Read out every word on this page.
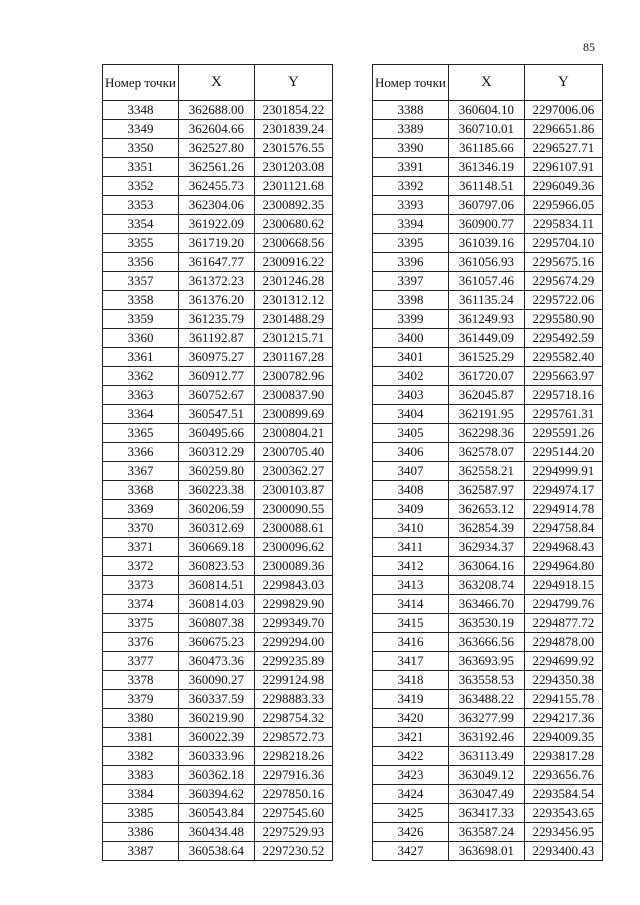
85
Номер точки	X	Y
3348	362688.00	2301854.22
3349	362604.66	2301839.24
3350	362527.80	2301576.55
3351	362561.26	2301203.08
3352	362455.73	2301121.68
3353	362304.06	2300892.35
3354	361922.09	2300680.62
3355	361719.20	2300668.56
3356	361647.77	2300916.22
3357	361372.23	2301246.28
3358	361376.20	2301312.12
3359	361235.79	2301488.29
3360	361192.87	2301215.71
3361	360975.27	2301167.28
3362	360912.77	2300782.96
3363	360752.67	2300837.90
3364	360547.51	2300899.69
3365	360495.66	2300804.21
3366	360312.29	2300705.40
3367	360259.80	2300362.27
3368	360223.38	2300103.87
3369	360206.59	2300090.55
3370	360312.69	2300088.61
3371	360669.18	2300096.62
3372	360823.53	2300089.36
3373	360814.51	2299843.03
3374	360814.03	2299829.90
3375	360807.38	2299349.70
3376	360675.23	2299294.00
3377	360473.36	2299235.89
3378	360090.27	2299124.98
3379	360337.59	2298883.33
3380	360219.90	2298754.32
3381	360022.39	2298572.73
3382	360333.96	2298218.26
3383	360362.18	2297916.36
3384	360394.62	2297850.16
3385	360543.84	2297545.60
3386	360434.48	2297529.93
3387	360538.64	2297230.52
Номер точки	X	Y
3388	360604.10	2297006.06
3389	360710.01	2296651.86
3390	361185.66	2296527.71
3391	361346.19	2296107.91
3392	361148.51	2296049.36
3393	360797.06	2295966.05
3394	360900.77	2295834.11
3395	361039.16	2295704.10
3396	361056.93	2295675.16
3397	361057.46	2295674.29
3398	361135.24	2295722.06
3399	361249.93	2295580.90
3400	361449.09	2295492.59
3401	361525.29	2295582.40
3402	361720.07	2295663.97
3403	362045.87	2295718.16
3404	362191.95	2295761.31
3405	362298.36	2295591.26
3406	362578.07	2295144.20
3407	362558.21	2294999.91
3408	362587.97	2294974.17
3409	362653.12	2294914.78
3410	362854.39	2294758.84
3411	362934.37	2294968.43
3412	363064.16	2294964.80
3413	363208.74	2294918.15
3414	363466.70	2294799.76
3415	363530.19	2294877.72
3416	363666.56	2294878.00
3417	363693.95	2294699.92
3418	363558.53	2294350.38
3419	363488.22	2294155.78
3420	363277.99	2294217.36
3421	363192.46	2294009.35
3422	363113.49	2293817.28
3423	363049.12	2293656.76
3424	363047.49	2293584.54
3425	363417.33	2293543.65
3426	363587.24	2293456.95
3427	363698.01	2293400.43
